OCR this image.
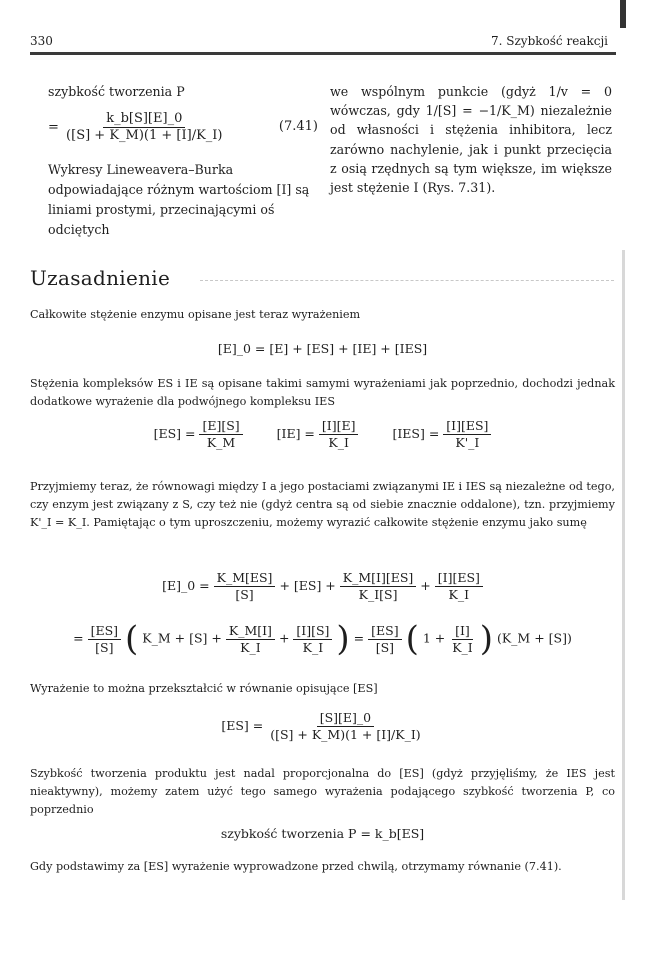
330	7. Szybkość reakcji
szybkość tworzenia P
= $\frac{k\_b[S][E]\_0}{([S] + K\_M)(1 + [I]/K\_I)}$	(7.41)
Wykresy Lineweavera–Burka odpowiadające różnym wartościom [I] są liniami prostymi, przecinającymi oś odciętych
we wspólnym punkcie (gdyż 1/v = 0 wówczas, gdy 1/[S] = −1/K_M) niezależnie od własności i stężenia inhibitora, lecz zarówno nachylenie, jak i punkt przecięcia z osią rzędnych są tym większe, im większe jest stężenie I (Rys. 7.31).
Uzasadnienie
Całkowite stężenie enzymu opisane jest teraz wyrażeniem
[E]_0 = [E] + [ES] + [IE] + [IES]
Stężenia kompleksów ES i IE są opisane takimi samymi wyrażeniami jak poprzednio, dochodzi jednak dodatkowe wyrażenie dla podwójnego kompleksu IES
$[ES] = \frac{[E][S]}{K\_M}$	$[IE] = \frac{[I][E]}{K\_I}$	$[IES] = \frac{[I][ES]}{K'\_I}$
Przyjmiemy teraz, że równowagi między I a jego postaciami związanymi IE i IES są niezależne od tego, czy enzym jest związany z S, czy też nie (gdyż centra są od siebie znacznie oddalone), tzn. przyjmiemy K'_I = K_I. Pamiętając o tym uproszczeniu, możemy wyrazić całkowite stężenie enzymu jako sumę
[E]_0 = $\frac{K\_M[ES]}{[S]} + [ES] + \frac{K\_M[I][ES]}{K\_I[S]} + \frac{[I][ES]}{K\_I}$
= $\frac{[ES]}{[S]}$ ( K_M + $[S] + \frac{K\_M[I]}{K\_I} + \frac{[I][S]}{K\_I}$ ) = $\frac{[ES]}{[S]}$ ( $1 + \frac{[I]}{K\_I}$ ) (K_M + [S])
Wyrażenie to można przekształcić w równanie opisujące [ES]
$[ES] = \frac{[S][E]\_0}{([S] + K\_M)(1 + [I]/K\_I)}$
Szybkość tworzenia produktu jest nadal proporcjonalna do [ES] (gdyż przyjęliśmy, że IES jest nieaktywny), możemy zatem użyć tego samego wyrażenia podającego szybkość tworzenia P, co poprzednio
szybkość tworzenia P = k_b[ES]
Gdy podstawimy za [ES] wyrażenie wyprowadzone przed chwilą, otrzymamy równanie (7.41).
